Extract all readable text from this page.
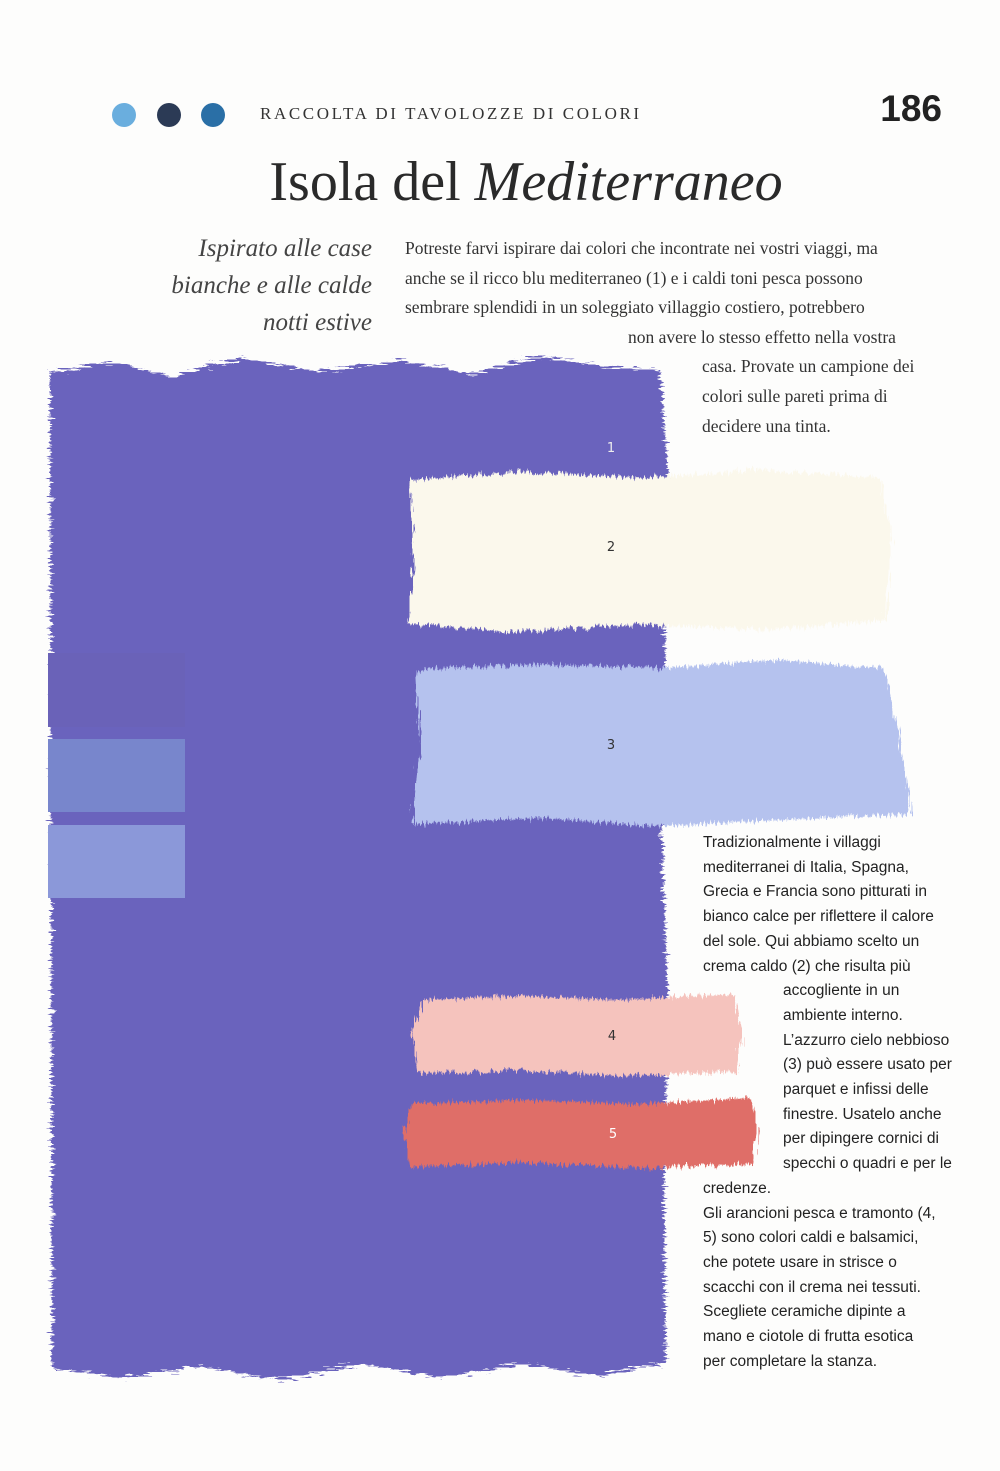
RACCOLTA DI TAVOLOZZE DI COLORI	186
Isola del Mediterraneo
Ispirato alle case
bianche e alle calde
notti estive
1
2
3
4
5
Potreste farvi ispirare dai colori che incontrate nei vostri viaggi, ma
anche se il ricco blu mediterraneo (1) e i caldi toni pesca possono
sembrare splendidi in un soleggiato villaggio costiero, potrebbero
non avere lo stesso effetto nella vostra
casa. Provate un campione dei
colori sulle pareti prima di
decidere una tinta.
Tradizionalmente i villaggi
mediterranei di Italia, Spagna,
Grecia e Francia sono pitturati in
bianco calce per riflettere il calore
del sole. Qui abbiamo scelto un
crema caldo (2) che risulta più
accogliente in un
ambiente interno.
L’azzurro cielo nebbioso
(3) può essere usato per
parquet e infissi delle
finestre. Usatelo anche
per dipingere cornici di
specchi o quadri e per le
credenze.
Gli arancioni pesca e tramonto (4,
5) sono colori caldi e balsamici,
che potete usare in strisce o
scacchi con il crema nei tessuti.
Scegliete ceramiche dipinte a
mano e ciotole di frutta esotica
per completare la stanza.
